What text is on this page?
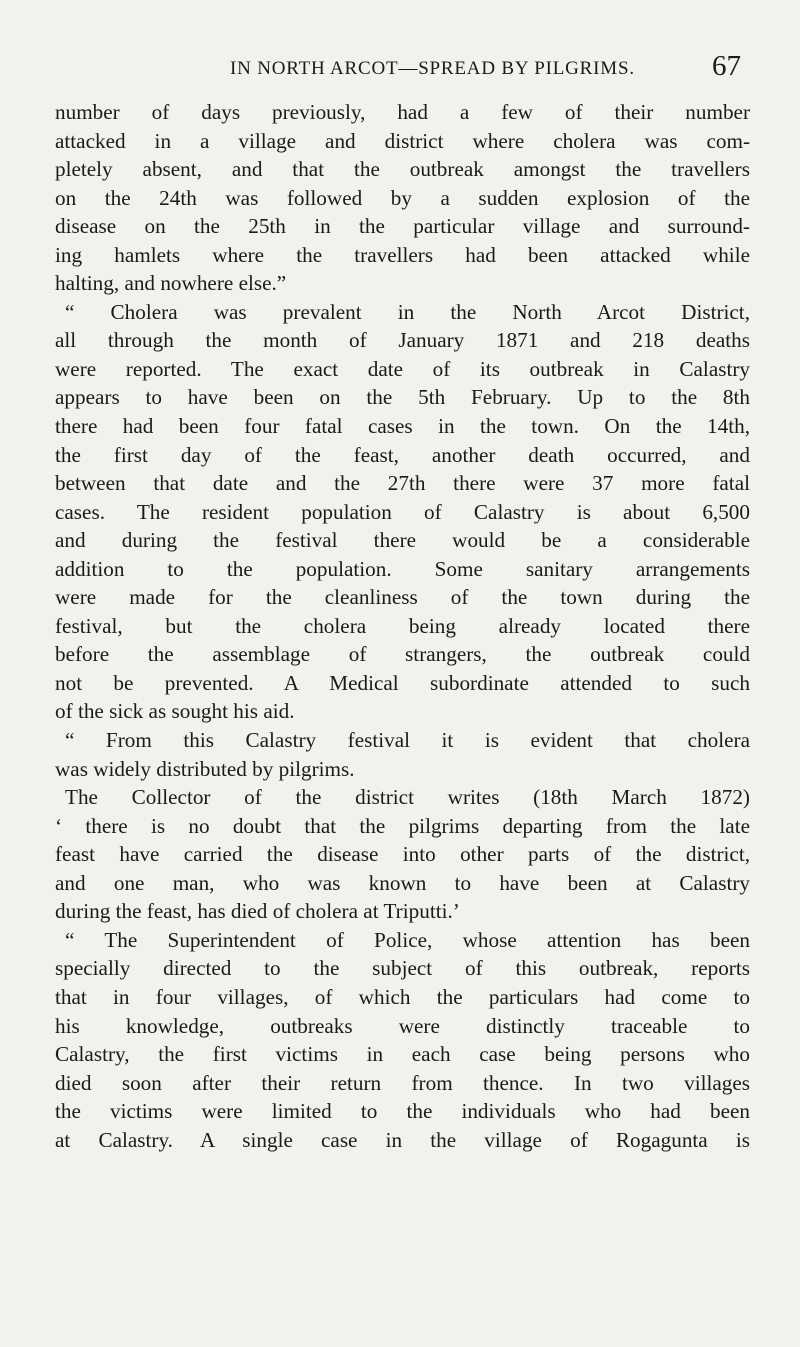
IN NORTH ARCOT—SPREAD BY PILGRIMS.	67
number of days previously, had a few of their number
attacked in a village and district where cholera was com-
pletely absent, and that the outbreak amongst the travellers
on the 24th was followed by a sudden explosion of the
disease on the 25th in the particular village and surround-
ing hamlets where the travellers had been attacked while
halting, and nowhere else.”
“ Cholera was prevalent in the North Arcot District,
all through the month of January 1871 and 218 deaths
were reported. The exact date of its outbreak in Calastry
appears to have been on the 5th February. Up to the 8th
there had been four fatal cases in the town. On the 14th,
the first day of the feast, another death occurred, and
between that date and the 27th there were 37 more fatal
cases. The resident population of Calastry is about 6,500
and during the festival there would be a considerable
addition to the population. Some sanitary arrangements
were made for the cleanliness of the town during the
festival, but the cholera being already located there
before the assemblage of strangers, the outbreak could
not be prevented. A Medical subordinate attended to such
of the sick as sought his aid.
“ From this Calastry festival it is evident that cholera
was widely distributed by pilgrims.
The Collector of the district writes (18th March 1872)
‘ there is no doubt that the pilgrims departing from the late
feast have carried the disease into other parts of the district,
and one man, who was known to have been at Calastry
during the feast, has died of cholera at Triputti.’
“ The Superintendent of Police, whose attention has been
specially directed to the subject of this outbreak, reports
that in four villages, of which the particulars had come to
his knowledge, outbreaks were distinctly traceable to
Calastry, the first victims in each case being persons who
died soon after their return from thence. In two villages
the victims were limited to the individuals who had been
at Calastry. A single case in the village of Rogagunta is
